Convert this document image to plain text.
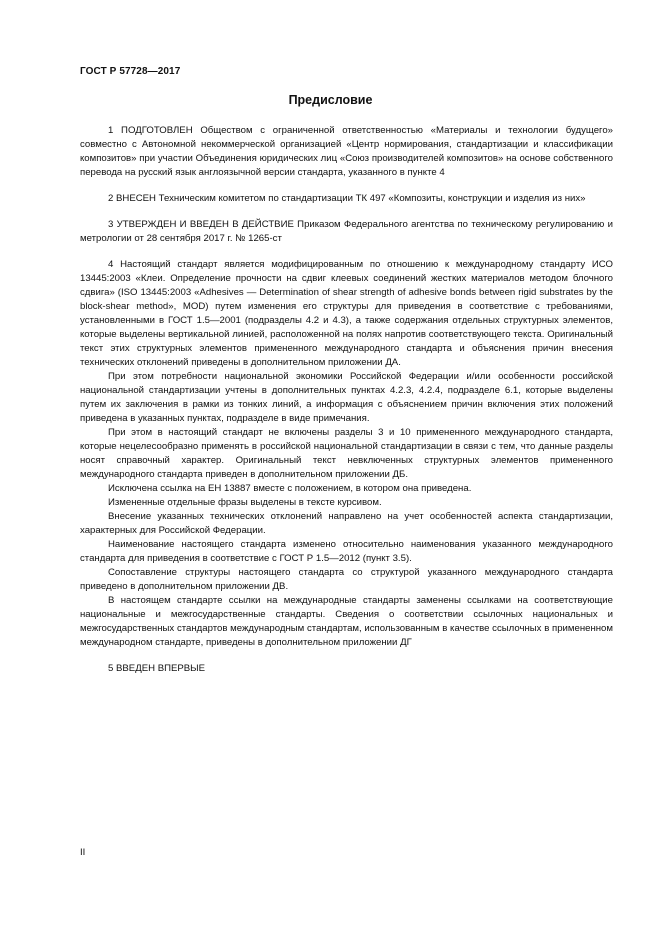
ГОСТ Р 57728—2017
Предисловие

1 ПОДГОТОВЛЕН Обществом с ограниченной ответственностью «Материалы и технологии будущего» совместно с Автономной некоммерческой организацией «Центр нормирования, стандартизации и классификации композитов» при участии Объединения юридических лиц «Союз производителей композитов» на основе собственного перевода на русский язык англоязычной версии стандарта, указанного в пункте 4

2 ВНЕСЕН Техническим комитетом по стандартизации ТК 497 «Композиты, конструкции и изделия из них»

3 УТВЕРЖДЕН И ВВЕДЕН В ДЕЙСТВИЕ Приказом Федерального агентства по техническому регулированию и метрологии от 28 сентября 2017 г. № 1265-ст

4 Настоящий стандарт является модифицированным по отношению к международному стандарту ИСО 13445:2003 «Клеи. Определение прочности на сдвиг клеевых соединений жестких материалов методом блочного сдвига» (ISO 13445:2003 «Adhesives — Determination of shear strength of adhesive bonds between rigid substrates by the block-shear method», MOD) путем изменения его структуры для приведения в соответствие с требованиями, установленными в ГОСТ 1.5—2001 (подразделы 4.2 и 4.3), а также содержания отдельных структурных элементов, которые выделены вертикальной линией, расположенной на полях напротив соответствующего текста. Оригинальный текст этих структурных элементов примененного международного стандарта и объяснения причин внесения технических отклонений приведены в дополнительном приложении ДА.

При этом потребности национальной экономики Российской Федерации и/или особенности российской национальной стандартизации учтены в дополнительных пунктах 4.2.3, 4.2.4, подразделе 6.1, которые выделены путем их заключения в рамки из тонких линий, а информация с объяснением причин включения этих положений приведена в указанных пунктах, подразделе в виде примечания.

При этом в настоящий стандарт не включены разделы 3 и 10 примененного международного стандарта, которые нецелесообразно применять в российской национальной стандартизации в связи с тем, что данные разделы носят справочный характер. Оригинальный текст невключенных структурных элементов примененного международного стандарта приведен в дополнительном приложении ДБ.

Исключена ссылка на ЕН 13887 вместе с положением, в котором она приведена.

Измененные отдельные фразы выделены в тексте курсивом.

Внесение указанных технических отклонений направлено на учет особенностей аспекта стандартизации, характерных для Российской Федерации.

Наименование настоящего стандарта изменено относительно наименования указанного международного стандарта для приведения в соответствие с ГОСТ Р 1.5—2012 (пункт 3.5).

Сопоставление структуры настоящего стандарта со структурой указанного международного стандарта приведено в дополнительном приложении ДВ.

В настоящем стандарте ссылки на международные стандарты заменены ссылками на соответствующие национальные и межгосударственные стандарты. Сведения о соответствии ссылочных национальных и межгосударственных стандартов международным стандартам, использованным в качестве ссылочных в примененном международном стандарте, приведены в дополнительном приложении ДГ

5 ВВЕДЕН ВПЕРВЫЕ

II
